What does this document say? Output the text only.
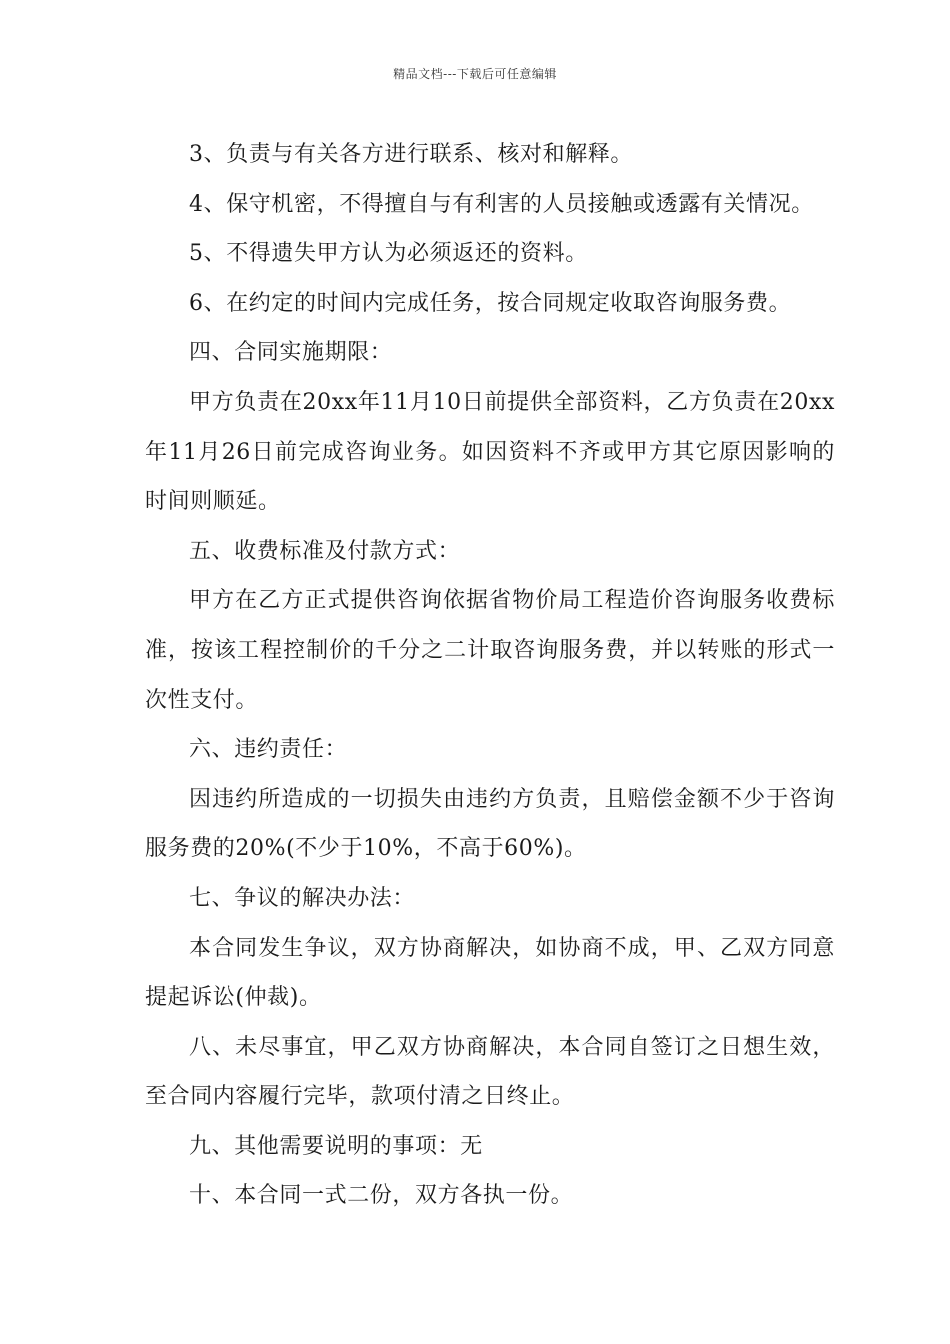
精品文档---下载后可任意编辑

3、负责与有关各方进行联系、核对和解释。

4、保守机密，不得擅自与有利害的人员接触或透露有关情况。

5、不得遗失甲方认为必须返还的资料。

6、在约定的时间内完成任务，按合同规定收取咨询服务费。

四、合同实施期限：

甲方负责在20xx年11月10日前提供全部资料，乙方负责在20xx年11月26日前完成咨询业务。如因资料不齐或甲方其它原因影响的时间则顺延。

五、收费标准及付款方式：

甲方在乙方正式提供咨询依据省物价局工程造价咨询服务收费标准，按该工程控制价的千分之二计取咨询服务费，并以转账的形式一次性支付。

六、违约责任：

因违约所造成的一切损失由违约方负责，且赔偿金额不少于咨询服务费的20%(不少于10%，不高于60%)。

七、争议的解决办法：

本合同发生争议，双方协商解决，如协商不成，甲、乙双方同意提起诉讼(仲裁)。

八、未尽事宜，甲乙双方协商解决，本合同自签订之日想生效，至合同内容履行完毕，款项付清之日终止。

九、其他需要说明的事项：无

十、本合同一式二份，双方各执一份。
